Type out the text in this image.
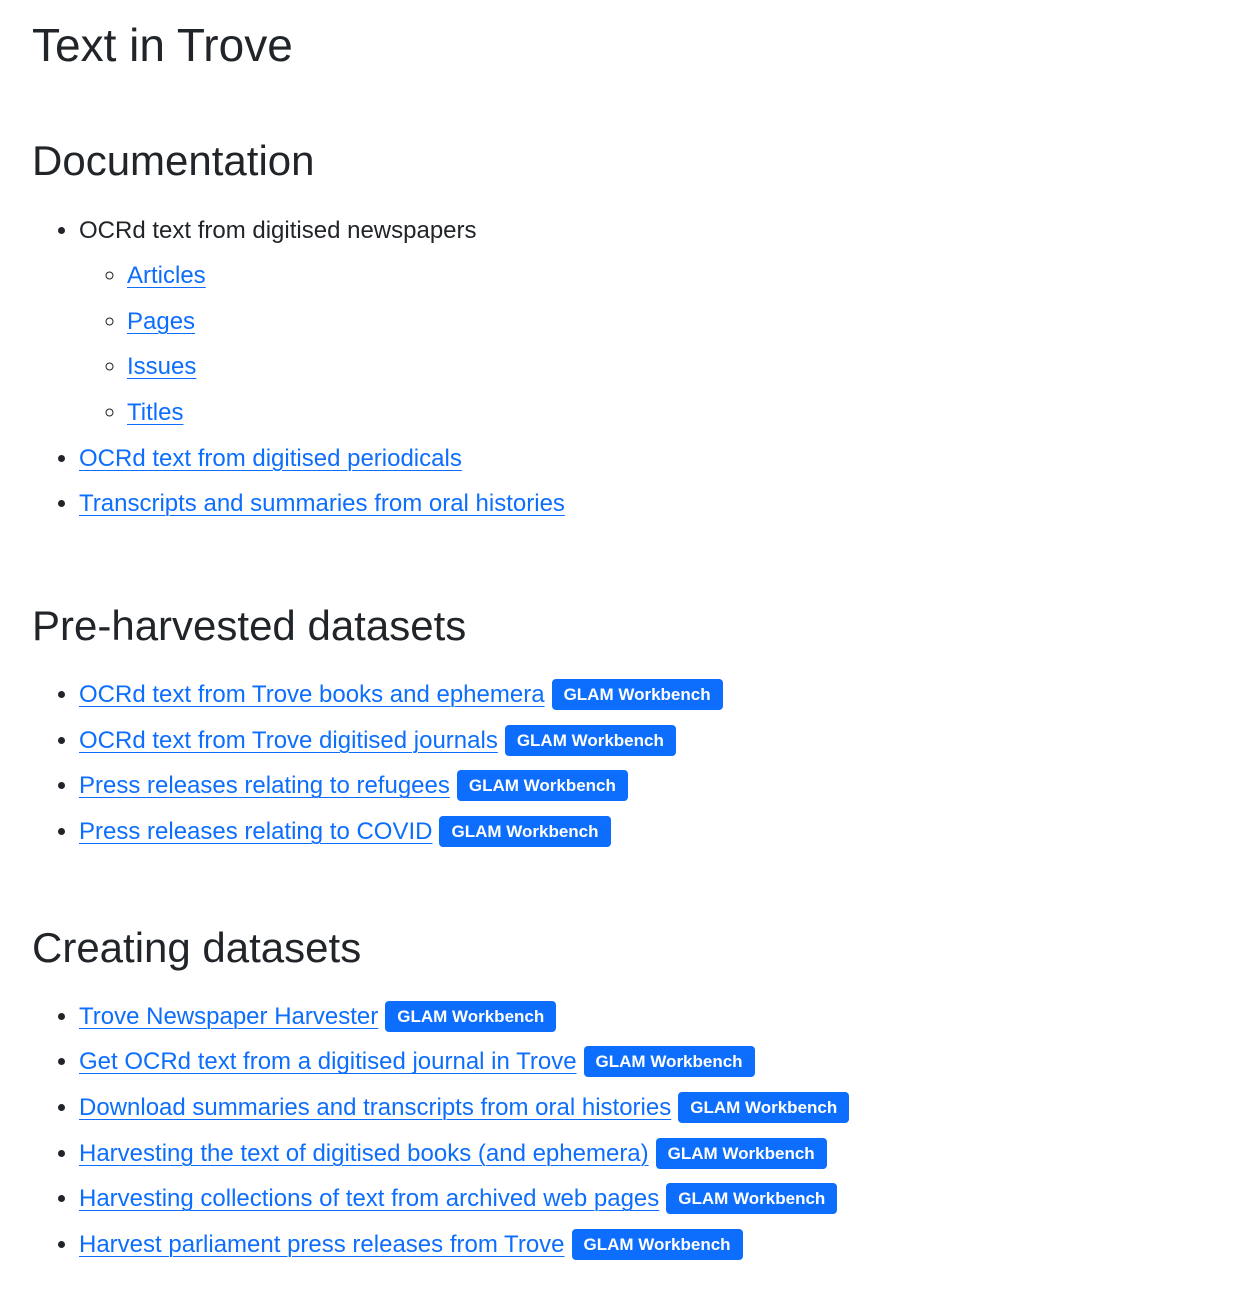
Text in Trove
Documentation
• OCRd text from digitised newspapers
◦ Articles
◦ Pages
◦ Issues
◦ Titles
• OCRd text from digitised periodicals
• Transcripts and summaries from oral histories
Pre-harvested datasets
• OCRd text from Trove books and ephemera GLAM Workbench
• OCRd text from Trove digitised journals GLAM Workbench
• Press releases relating to refugees GLAM Workbench
• Press releases relating to COVID GLAM Workbench
Creating datasets
• Trove Newspaper Harvester GLAM Workbench
• Get OCRd text from a digitised journal in Trove GLAM Workbench
• Download summaries and transcripts from oral histories GLAM Workbench
• Harvesting the text of digitised books (and ephemera) GLAM Workbench
• Harvesting collections of text from archived web pages GLAM Workbench
• Harvest parliament press releases from Trove GLAM Workbench
